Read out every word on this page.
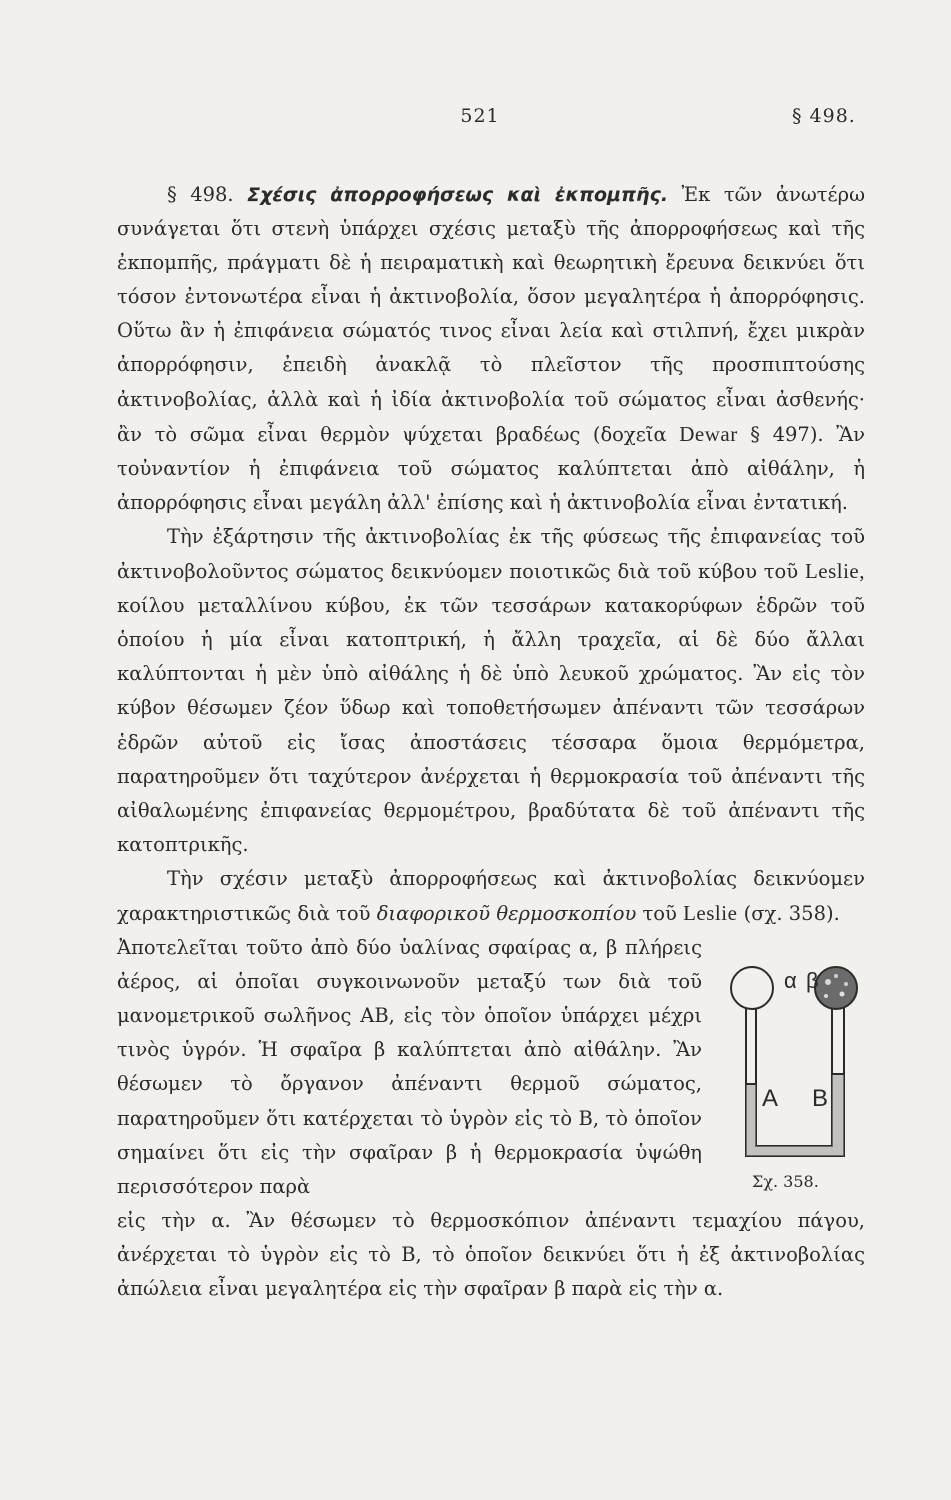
521	§ 498.

§ 498. Σχέσις ἀπορροφήσεως καὶ ἐκπομπῆς. Ἐκ τῶν ἀνωτέρω συνάγεται ὅτι στενὴ ὑπάρχει σχέσις μεταξὺ τῆς ἀπορροφήσεως καὶ τῆς ἐκπομπῆς, πράγματι δὲ ἡ πειραματικὴ καὶ θεωρητικὴ ἔρευνα δεικνύει ὅτι τόσον ἐντονωτέρα εἶναι ἡ ἀκτινοβολία, ὅσον μεγαλητέρα ἡ ἀπορρόφησις. Οὕτω ἂν ἡ ἐπιφάνεια σώματός τινος εἶναι λεία καὶ στιλπνή, ἔχει μικρὰν ἀπορρόφησιν, ἐπειδὴ ἀνακλᾷ τὸ πλεῖστον τῆς προσπιπτούσης ἀκτινοβολίας, ἀλλὰ καὶ ἡ ἰδία ἀκτινοβολία τοῦ σώματος εἶναι ἀσθενής· ἂν τὸ σῶμα εἶναι θερμὸν ψύχεται βραδέως (δοχεῖα Dewar § 497). Ἂν τοὐναντίον ἡ ἐπιφάνεια τοῦ σώματος καλύπτεται ἀπὸ αἰθάλην, ἡ ἀπορρόφησις εἶναι μεγάλη ἀλλ' ἐπίσης καὶ ἡ ἀκτινοβολία εἶναι ἐντατική.

Τὴν ἐξάρτησιν τῆς ἀκτινοβολίας ἐκ τῆς φύσεως τῆς ἐπιφανείας τοῦ ἀκτινοβολοῦντος σώματος δεικνύομεν ποιοτικῶς διὰ τοῦ κύβου τοῦ Leslie, κοίλου μεταλλίνου κύβου, ἐκ τῶν τεσσάρων κατακορύφων ἑδρῶν τοῦ ὁποίου ἡ μία εἶναι κατοπτρική, ἡ ἄλλη τραχεῖα, αἱ δὲ δύο ἄλλαι καλύπτονται ἡ μὲν ὑπὸ αἰθάλης ἡ δὲ ὑπὸ λευκοῦ χρώματος. Ἂν εἰς τὸν κύβον θέσωμεν ζέον ὕδωρ καὶ τοποθετήσωμεν ἀπέναντι τῶν τεσσάρων ἑδρῶν αὐτοῦ εἰς ἴσας ἀποστάσεις τέσσαρα ὅμοια θερμόμετρα, παρατηροῦμεν ὅτι ταχύτερον ἀνέρχεται ἡ θερμοκρασία τοῦ ἀπέναντι τῆς αἰθαλωμένης ἐπιφανείας θερμομέτρου, βραδύτατα δὲ τοῦ ἀπέναντι τῆς κατοπτρικῆς.

Τὴν σχέσιν μεταξὺ ἀπορροφήσεως καὶ ἀκτινοβολίας δεικνύομεν χαρακτηριστικῶς διὰ τοῦ διαφορικοῦ θερμοσκοπίου τοῦ Leslie (σχ. 358).

Ἀποτελεῖται τοῦτο ἀπὸ δύο ὑαλίνας σφαίρας α, β πλήρεις ἀέρος, αἱ ὁποῖαι συγκοινωνοῦν μεταξύ των διὰ τοῦ μανομετρικοῦ σωλῆνος ΑΒ, εἰς τὸν ὁποῖον ὑπάρχει μέχρι τινὸς ὑγρόν. Ἡ σφαῖρα β καλύπτεται ἀπὸ αἰθάλην. Ἂν θέσωμεν τὸ ὄργανον ἀπέναντι θερμοῦ σώματος, παρατηροῦμεν ὅτι κατέρχεται τὸ ὑγρὸν εἰς τὸ Β, τὸ ὁποῖον σημαίνει ὅτι εἰς τὴν σφαῖραν β ἡ θερμοκρασία ὑψώθη περισσότερον παρὰ

εἰς τὴν α. Ἂν θέσωμεν τὸ θερμοσκόπιον ἀπέναντι τεμαχίου πάγου, ἀνέρχεται τὸ ὑγρὸν εἰς τὸ Β, τὸ ὁποῖον δεικνύει ὅτι ἡ ἐξ ἀκτινοβολίας ἀπώλεια εἶναι μεγαλητέρα εἰς τὴν σφαῖραν β παρὰ εἰς τὴν α.

α β
A B
Σχ. 358.
